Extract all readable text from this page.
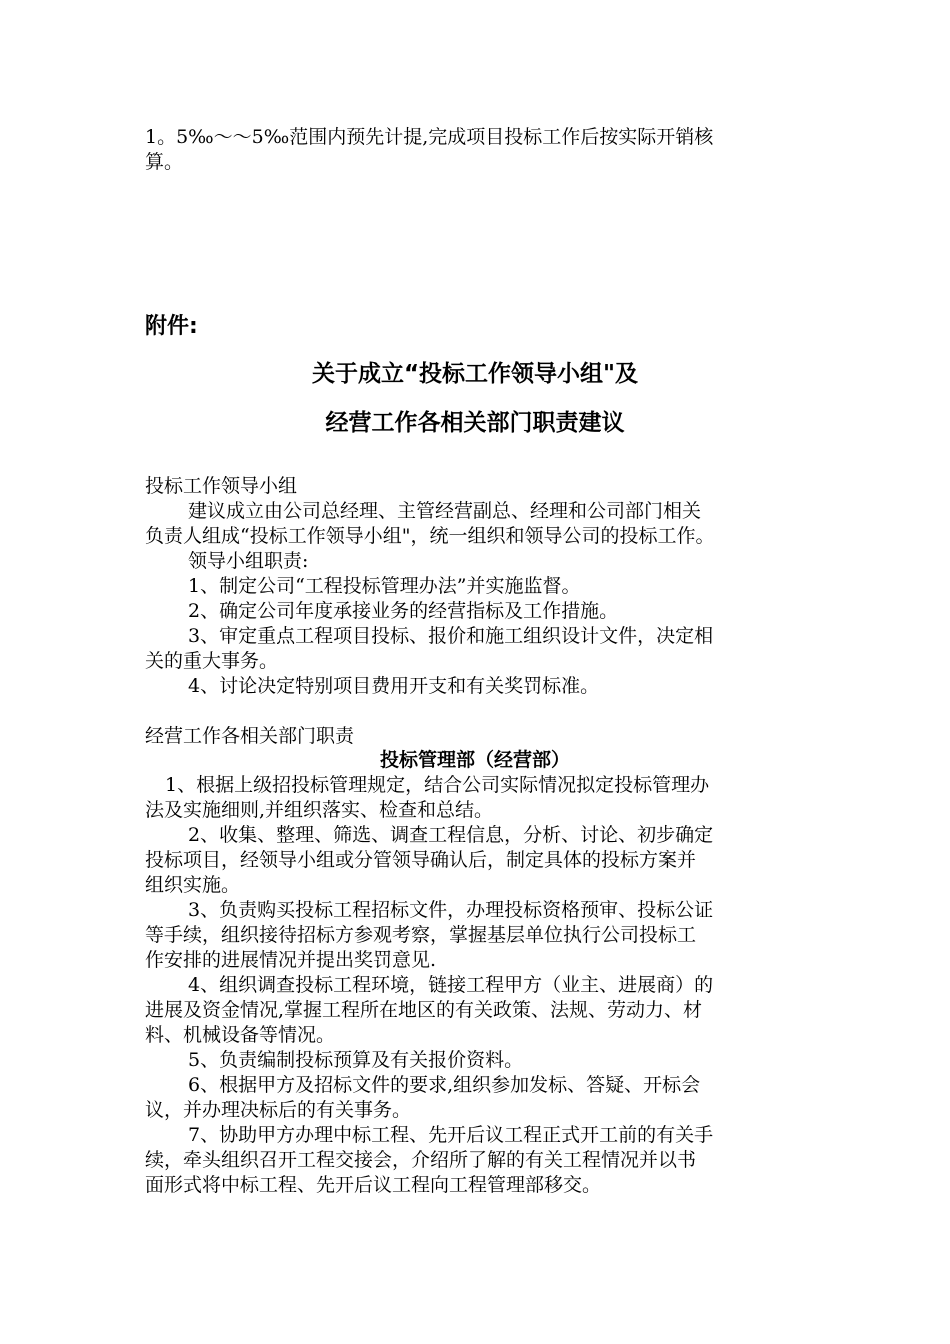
1。5‰～～5‰范围内预先计提,完成项目投标工作后按实际开销核
算。
附件:
关于成立“投标工作领导小组"及
经营工作各相关部门职责建议
投标工作领导小组
建议成立由公司总经理、主管经营副总、经理和公司部门相关
负责人组成“投标工作领导小组"，统一组织和领导公司的投标工作。
领导小组职责:
1、制定公司“工程投标管理办法”并实施监督。
2、确定公司年度承接业务的经营指标及工作措施。
3、审定重点工程项目投标、报价和施工组织设计文件，决定相
关的重大事务。
4、讨论决定特别项目费用开支和有关奖罚标准。
经营工作各相关部门职责
投标管理部（经营部）
1、根据上级招投标管理规定，结合公司实际情况拟定投标管理办
法及实施细则,并组织落实、检查和总结。
2、收集、整理、筛选、调查工程信息，分析、讨论、初步确定
投标项目，经领导小组或分管领导确认后，制定具体的投标方案并
组织实施。
3、负责购买投标工程招标文件，办理投标资格预审、投标公证
等手续，组织接待招标方参观考察，掌握基层单位执行公司投标工
作安排的进展情况并提出奖罚意见.
4、组织调查投标工程环境，链接工程甲方（业主、进展商）的
进展及资金情况,掌握工程所在地区的有关政策、法规、劳动力、材
料、机械设备等情况。
5、负责编制投标预算及有关报价资料。
6、根据甲方及招标文件的要求,组织参加发标、答疑、开标会
议，并办理决标后的有关事务。
7、协助甲方办理中标工程、先开后议工程正式开工前的有关手
续，牵头组织召开工程交接会，介绍所了解的有关工程情况并以书
面形式将中标工程、先开后议工程向工程管理部移交。
